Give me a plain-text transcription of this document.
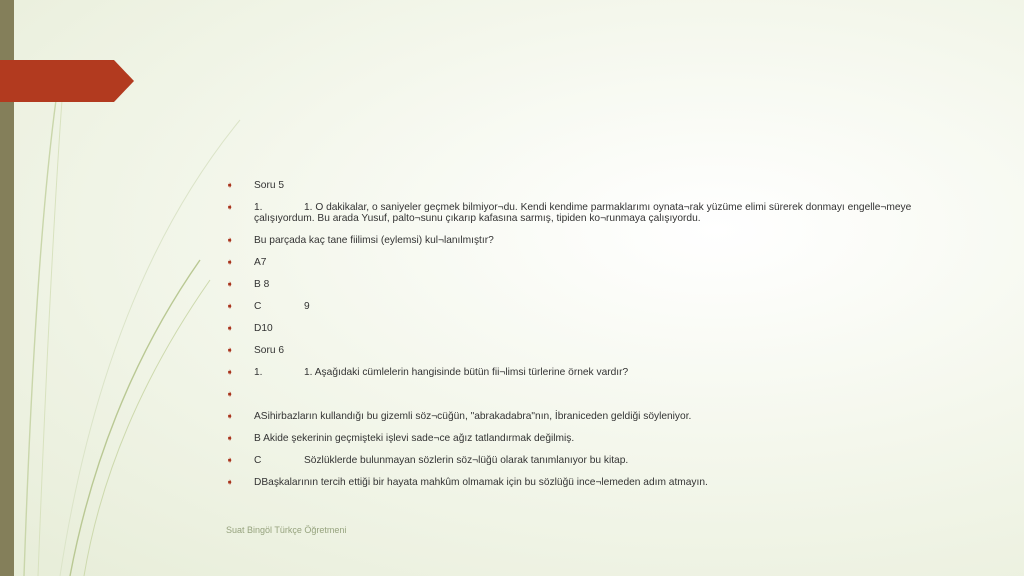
➧ Soru 5
➧ 1.	1. O dakikalar, o saniyeler geçmek bilmiyor¬du. Kendi kendime parmaklarımı oynata¬rak yüzüme elimi sürerek donmayı engelle¬meye çalışıyordum. Bu arada Yusuf, palto¬sunu çıkarıp kafasına sarmış, tipiden ko¬runmaya çalışıyordu.
➧ Bu parçada kaç tane fiilimsi (eylemsi) kul¬lanılmıştır?
➧ A7
➧ B 8
➧ C	9
➧ D10
➧ Soru 6
➧ 1.	1. Aşağıdaki cümlelerin hangisinde bütün fii¬limsi türlerine örnek vardır?
➧
➧ ASihirbazların kullandığı bu gizemli söz¬cüğün, "abrakadabra"nın, İbraniceden geldiği söyleniyor.
➧ B Akide şekerinin geçmişteki işlevi sade¬ce ağız tatlandırmak değilmiş.
➧ C	Sözlüklerde bulunmayan sözlerin söz¬lüğü olarak tanımlanıyor bu kitap.
➧ DBaşkalarının tercih ettiği bir hayata mahkûm olmamak için bu sözlüğü ince¬lemeden adım atmayın.
Suat Bingöl Türkçe Öğretmeni
